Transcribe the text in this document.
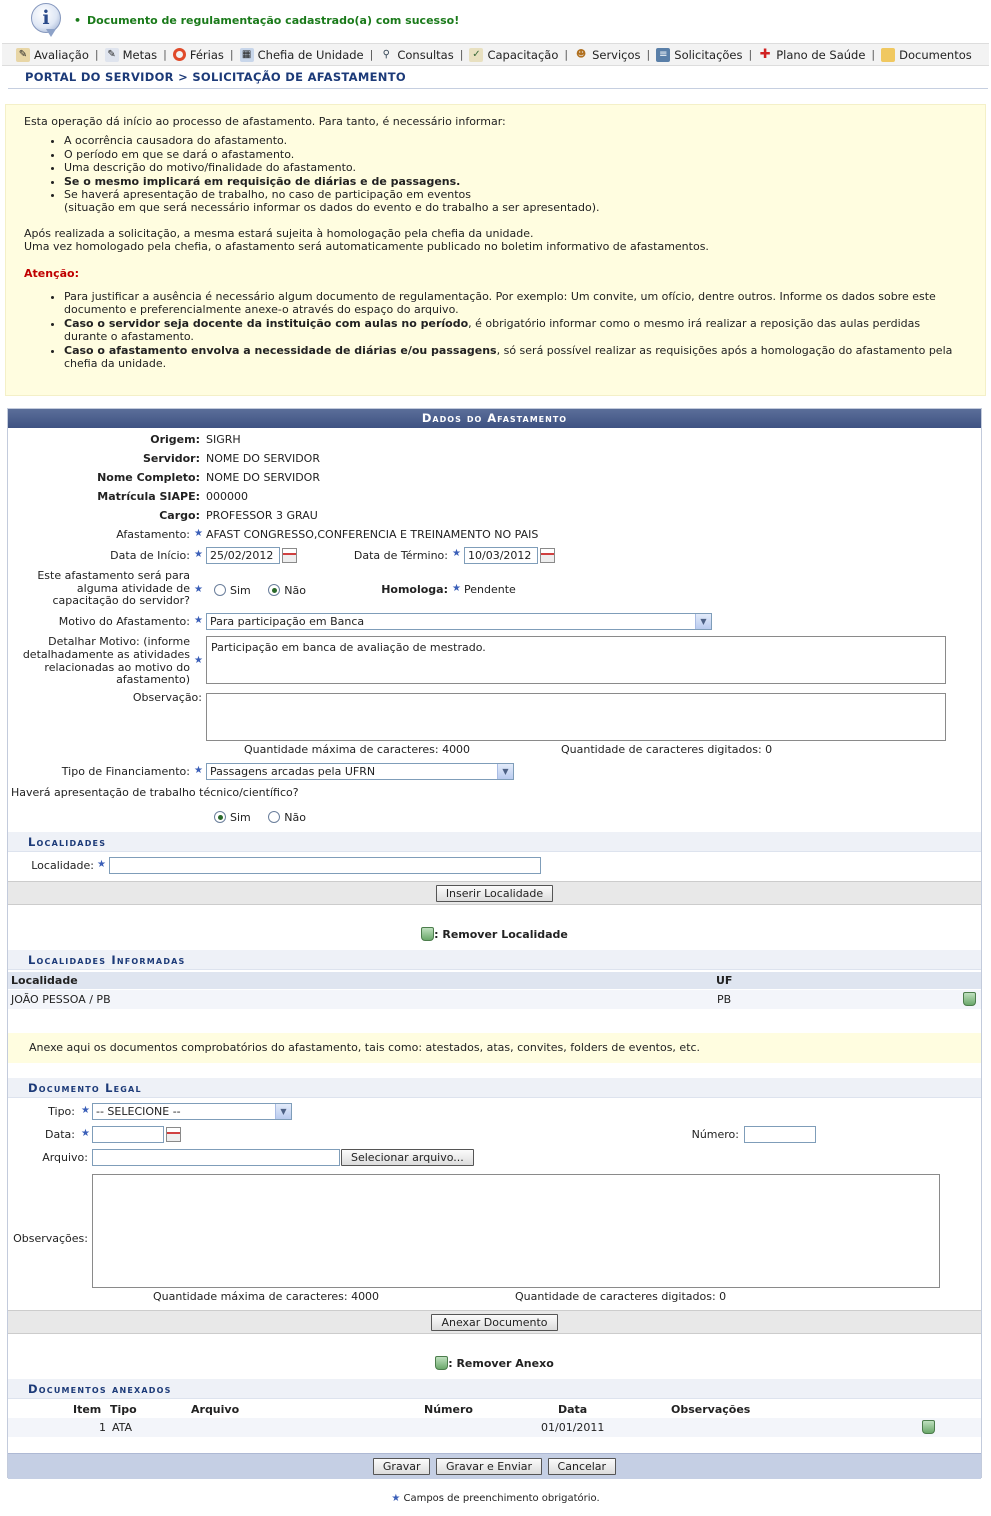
i
•	Documento de regulamentação cadastrado(a) com sucesso!
✎ Avaliação | ✎ Metas | Férias | ▦ Chefia de Unidade | ⚲ Consultas | ✓ Capacitação | ☻ Serviços | ≡ Solicitações | ✚ Plano de Saúde | Documentos
PORTAL DO SERVIDOR > SOLICITAÇÃO DE AFASTAMENTO

Esta operação dá início ao processo de afastamento. Para tanto, é necessário informar:

• A ocorrência causadora do afastamento.
• O período em que se dará o afastamento.
• Uma descrição do motivo/finalidade do afastamento.
• Se o mesmo implicará em requisição de diárias e de passagens.
• Se haverá apresentação de trabalho, no caso de participação em eventos
(situação em que será necessário informar os dados do evento e do trabalho a ser apresentado).

Após realizada a solicitação, a mesma estará sujeita à homologação pela chefia da unidade.

Uma vez homologado pela chefia, o afastamento será automaticamente publicado no boletim informativo de afastamentos.

Atenção:

• Para justificar a ausência é necessário algum documento de regulamentação. Por exemplo: Um convite, um ofício, dentre outros. Informe os dados sobre este documento e preferencialmente anexe-o através do espaço do arquivo.
• Caso o servidor seja docente da instituição com aulas no período, é obrigatório informar como o mesmo irá realizar a reposição das aulas perdidas durante o afastamento.
• Caso o afastamento envolva a necessidade de diárias e/ou passagens, só será possível realizar as requisições após a homologação do afastamento pela chefia da unidade.
Dados do Afastamento
Origem: SIGRH
Servidor: NOME DO SERVIDOR
Nome Completo: NOME DO SERVIDOR
Matrícula SIAPE: 000000
Cargo: PROFESSOR 3 GRAU
Afastamento: ★ AFAST CONGRESSO,CONFERENCIA E TREINAMENTO NO PAIS
Data de Início: ★ 25/02/2012	Data de Término: ★ 10/03/2012
Este afastamento será para
alguma atividade de
capacitação do servidor?
★	Sim	Não	Homologa: ★ Pendente
Motivo do Afastamento: ★ Para participação em Banca	▼
Detalhar Motivo: (informe
detalhadamente as atividades
relacionadas ao motivo do
afastamento)
★
Participação em banca de avaliação de mestrado.
Observação:
Quantidade máxima de caracteres: 4000	Quantidade de caracteres digitados: 0
Tipo de Financiamento: ★ Passagens arcadas pela UFRN	▼
Haverá apresentação de trabalho técnico/científico?
Sim	Não
Localidades
Localidade: ★
Inserir Localidade
: Remover Localidade
Localidades Informadas
Localidade	UF
JOÃO PESSOA / PB	PB
Anexe aqui os documentos comprobatórios do afastamento, tais como: atestados, atas, convites, folders de eventos, etc.
Documento Legal
Tipo: ★ -- SELECIONE --	▼
Data: ★	Número:
Arquivo:	Selecionar arquivo...
Observações:
Quantidade máxima de caracteres: 4000	Quantidade de caracteres digitados: 0
Anexar Documento
: Remover Anexo
Documentos anexados
Item Tipo	Arquivo	Número	Data	Observações
1 ATA	01/01/2011
Gravar Gravar e Enviar Cancelar
★ Campos de preenchimento obrigatório.
